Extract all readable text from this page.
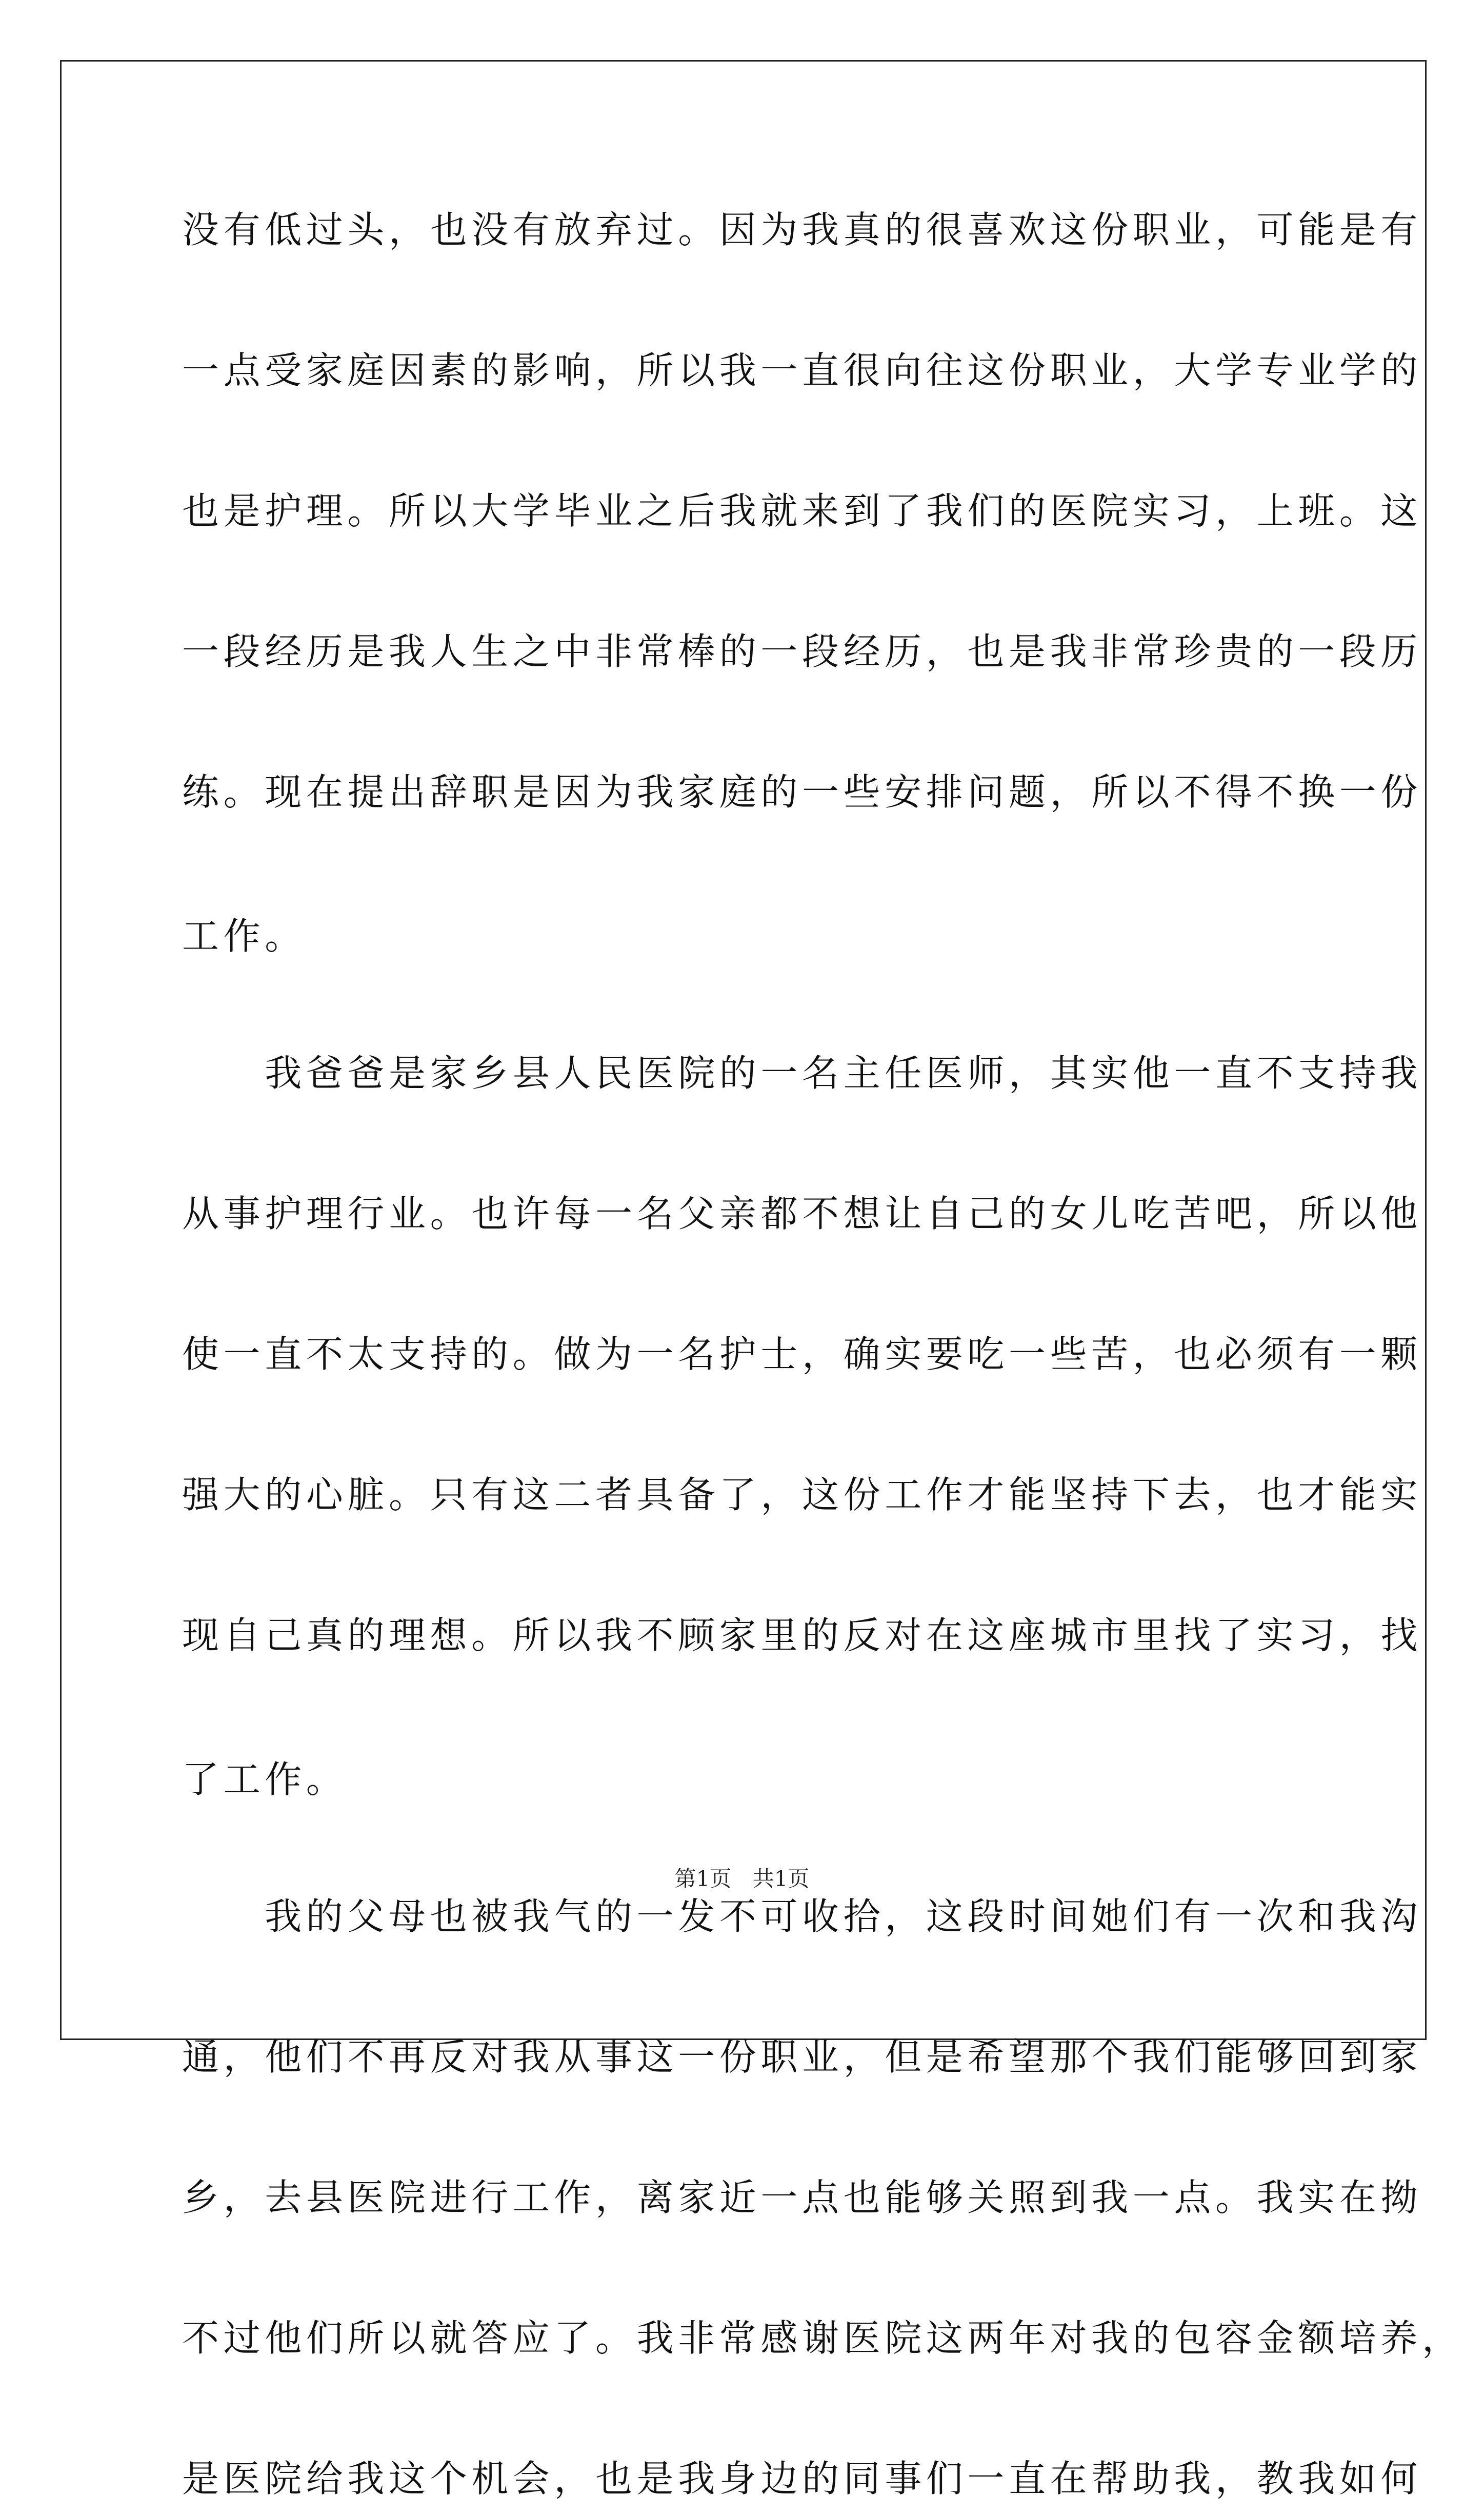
没有低过头，也没有放弃过。因为我真的很喜欢这份职业，可能是有
一点受家庭因素的影响，所以我一直很向往这份职业，大学专业学的
也是护理。所以大学毕业之后我就来到了我们的医院实习，上班。这
一段经历是我人生之中非常棒的一段经历，也是我非常珍贵的一段历
练。现在提出辞职是因为我家庭的一些安排问题，所以不得不换一份
工作。
　　我爸爸是家乡县人民医院的一名主任医师，其实他一直不支持我
从事护理行业。也许每一名父亲都不想让自己的女儿吃苦吧，所以他
使一直不太支持的。做为一名护士，确实要吃一些苦，也必须有一颗
强大的心脏。只有这二者具备了，这份工作才能坚持下去，也才能实
现自己真的理想。所以我不顾家里的反对在这座城市里找了实习，找
了工作。
　　我的父母也被我气的一发不可收拾，这段时间她们有一次和我沟
通，他们不再反对我从事这一份职业，但是希望那个我们能够回到家
乡，去县医院进行工作，离家近一点也能够关照到我一点。我实在拗
不过他们所以就答应了。我非常感谢医院这两年对我的包容金额培养，
是医院给我这个机会，也是我身边的同事们一直在帮助我，教我如何
第1页 共1页
